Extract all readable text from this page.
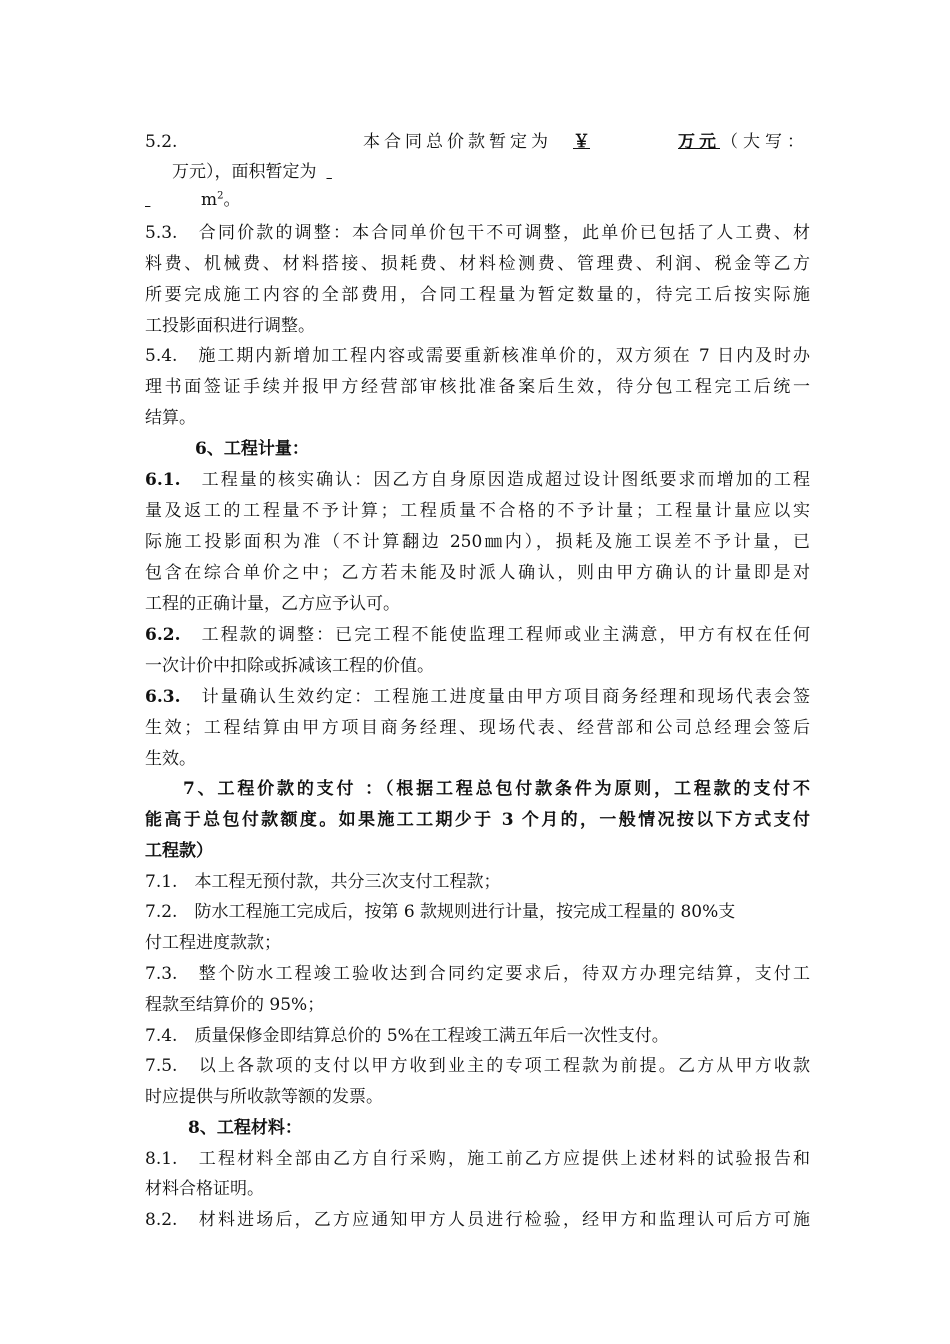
5.2.	本合同总价款暂定为 ￥	万元 （大写：
万元），面积暂定为
$m^2$。
5.3.　合同价款的调整：本合同单价包干不可调整，此单价已包括了人工费、材
料费、机械费、材料搭接、损耗费、材料检测费、管理费、利润、税金等乙方
所要完成施工内容的全部费用，合同工程量为暂定数量的，待完工后按实际施
工投影面积进行调整。
5.4.　施工期内新增加工程内容或需要重新核准单价的，双方须在 7 日内及时办
理书面签证手续并报甲方经营部审核批准备案后生效，待分包工程完工后统一
结算。
6、工程计量：
6.1.　工程量的核实确认：因乙方自身原因造成超过设计图纸要求而增加的工程
量及返工的工程量不予计算；工程质量不合格的不予计量；工程量计量应以实
际施工投影面积为准（不计算翻边 250㎜内），损耗及施工误差不予计量，已
包含在综合单价之中；乙方若未能及时派人确认，则由甲方确认的计量即是对
工程的正确计量，乙方应予认可。
6.2.　工程款的调整：已完工程不能使监理工程师或业主满意，甲方有权在任何
一次计价中扣除或拆减该工程的价值。
6.3.　计量确认生效约定：工程施工进度量由甲方项目商务经理和现场代表会签
生效；工程结算由甲方项目商务经理、现场代表、经营部和公司总经理会签后
生效。
7、工程价款的支付 ：（根据工程总包付款条件为原则，工程款的支付不
能高于总包付款额度。如果施工工期少于 3 个月的，一般情况按以下方式支付
工程款）
7.1.　本工程无预付款，共分三次支付工程款；
7.2.　防水工程施工完成后，按第 6 款规则进行计量，按完成工程量的 80%支
付工程进度款款；
7.3.　整个防水工程竣工验收达到合同约定要求后，待双方办理完结算，支付工
程款至结算价的 95%；
7.4.　质量保修金即结算总价的 5%在工程竣工满五年后一次性支付。
7.5.　以上各款项的支付以甲方收到业主的专项工程款为前提。乙方从甲方收款
时应提供与所收款等额的发票。
8、工程材料：
8.1.　工程材料全部由乙方自行采购，施工前乙方应提供上述材料的试验报告和
材料合格证明。
8.2.　材料进场后，乙方应通知甲方人员进行检验，经甲方和监理认可后方可施
